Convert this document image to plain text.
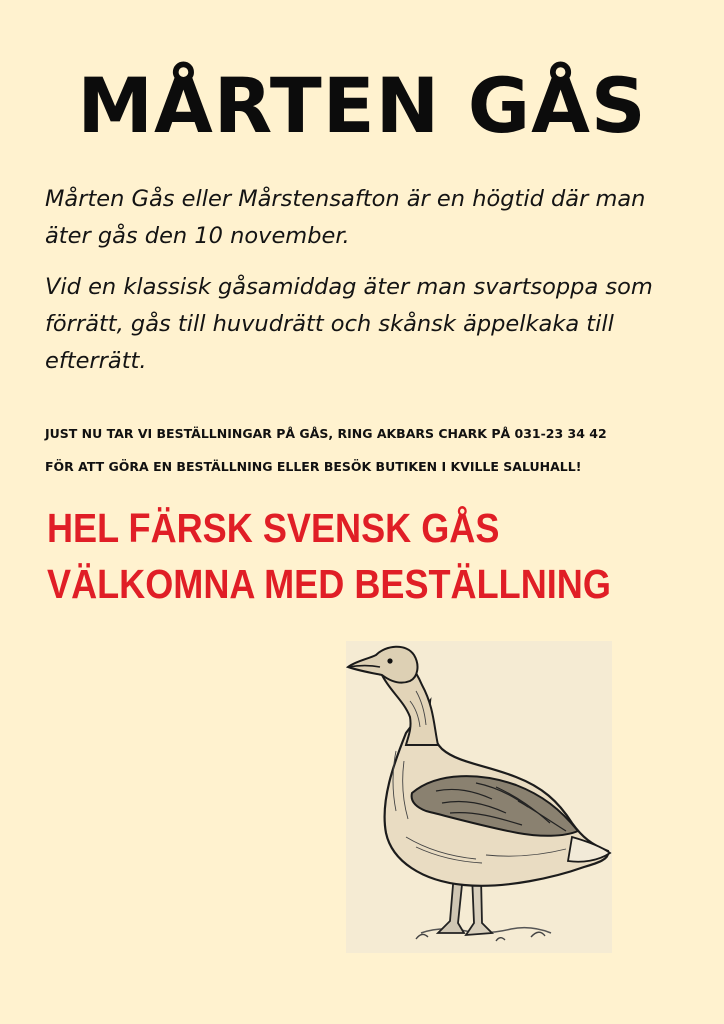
MÅRTEN GÅS

Mårten Gås eller Mårstensafton är en högtid där man äter gås den 10 november.

Vid en klassisk gåsamiddag äter man svartsoppa som förrätt, gås till huvudrätt och skånsk äppelkaka till efterrätt.

JUST NU TAR VI BESTÄLLNINGAR PÅ GÅS, RING AKBARS CHARK PÅ 031-23 34 42

FÖR ATT GÖRA EN BESTÄLLNING ELLER BESÖK BUTIKEN I KVILLE SALUHALL!

HEL FÄRSK SVENSK GÅS

VÄLKOMNA MED BESTÄLLNING
